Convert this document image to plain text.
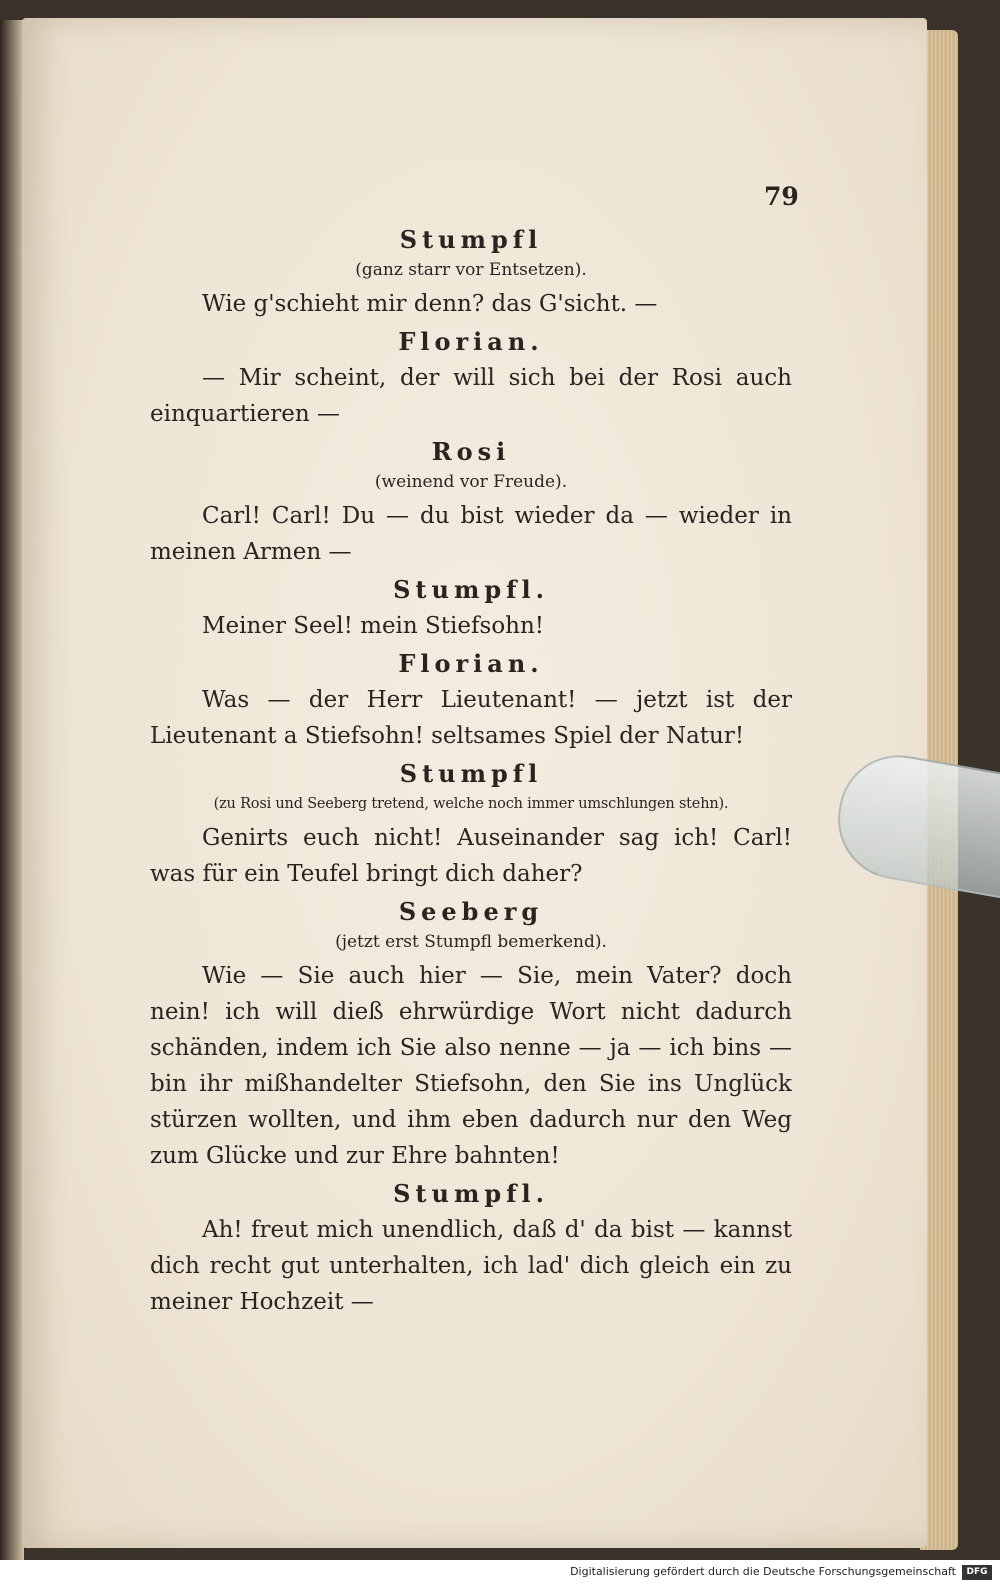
79
Stumpfl
(ganz starr vor Entsetzen).

Wie g'schieht mir denn? das G'sicht. —

Florian.

— Mir scheint, der will sich bei der Rosi auch einquartieren —

Rosi
(weinend vor Freude).

Carl! Carl! Du — du bist wieder da — wieder in meinen Armen —

Stumpfl.

Meiner Seel! mein Stiefsohn!

Florian.

Was — der Herr Lieutenant! — jetzt ist der Lieutenant a Stiefsohn! seltsames Spiel der Natur!

Stumpfl
(zu Rosi und Seeberg tretend, welche noch immer umschlungen stehn).

Genirts euch nicht! Auseinander sag ich! Carl! was für ein Teufel bringt dich daher?

Seeberg
(jetzt erst Stumpfl bemerkend).

Wie — Sie auch hier — Sie, mein Vater? doch nein! ich will dieß ehrwürdige Wort nicht dadurch schänden, indem ich Sie also nenne — ja — ich bins — bin ihr mißhandelter Stiefsohn, den Sie ins Unglück stürzen wollten, und ihm eben dadurch nur den Weg zum Glücke und zur Ehre bahnten!

Stumpfl.

Ah! freut mich unendlich, daß d' da bist — kannst dich recht gut unterhalten, ich lad' dich gleich ein zu meiner Hochzeit —

Digitalisierung gefördert durch die Deutsche Forschungsgemeinschaft	DFG
